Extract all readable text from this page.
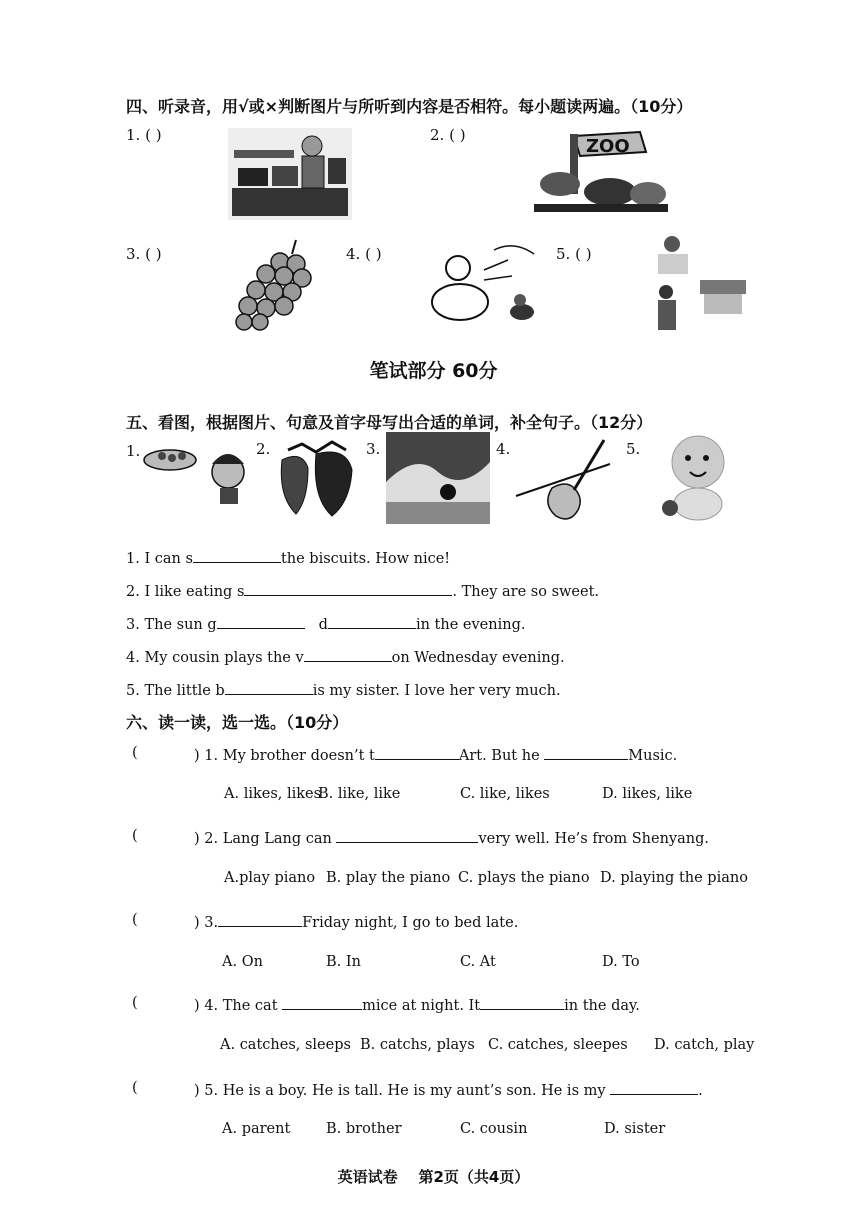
四、听录音，用√或×判断图片与所听到内容是否相符。每小题读两遍。（10分）
1. ( )	2. ( )
ZOO
3. ( )	4. ( )	5. ( )
笔试部分 60分
五、看图，根据图片、句意及首字母写出合适的单词，补全句子。（12分）
1.	2.	3.	4.	5.
1. I can s	the biscuits. How nice!
2. I like eating s	. They are so sweet.
3. The sun g	d	in the evening.
4. My cousin plays the v	on Wednesday evening.
5. The little b	is my sister. I love her very much.
六、读一读，选一选。（10分）
(	) 1. My brother doesn’t t	Art. But he	Music.
A. likes, likes
B. like, like	C. like, likes	D. likes, like
(	) 2. Lang Lang can	very well. He’s from Shenyang.
A.play piano B. play the piano C. plays the piano D. playing the piano
(	) 3.	Friday night, I go to bed late.
A. On	B. In	C. At	D. To
(	) 4. The cat	mice at night. It	in the day.
A. catches, sleeps B. catchs, plays C. catches, sleepes D. catch, play
(	) 5. He is a boy. He is tall. He is my aunt’s son. He is my	.
A. parent B. brother	C. cousin	D. sister
英语试卷    第2页（共4页）
